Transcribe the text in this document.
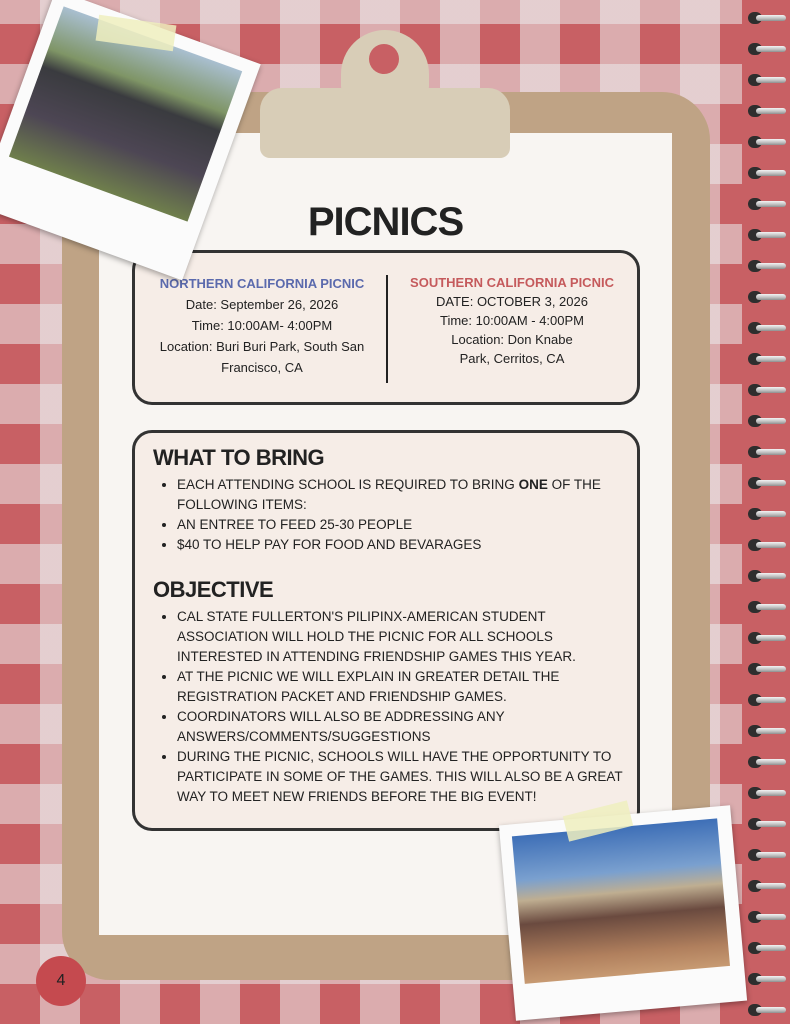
PICNICS
NORTHERN CALIFORNIA PICNIC
Date: September 26, 2026
Time: 10:00AM- 4:00PM
Location: Buri Buri Park, South San Francisco, CA
SOUTHERN CALIFORNIA PICNIC
DATE: OCTOBER 3, 2026
Time: 10:00AM - 4:00PM
Location: Don Knabe
Park, Cerritos, CA
WHAT TO BRING
• EACH ATTENDING SCHOOL IS REQUIRED TO BRING ONE OF THE FOLLOWING ITEMS:
• AN ENTREE TO FEED 25-30 PEOPLE
• $40 TO HELP PAY FOR FOOD AND BEVARAGES
OBJECTIVE
• CAL STATE FULLERTON'S PILIPINX-AMERICAN STUDENT ASSOCIATION WILL HOLD THE PICNIC FOR ALL SCHOOLS INTERESTED IN ATTENDING FRIENDSHIP GAMES THIS YEAR.
• AT THE PICNIC WE WILL EXPLAIN IN GREATER DETAIL THE REGISTRATION PACKET AND FRIENDSHIP GAMES.
• COORDINATORS WILL ALSO BE ADDRESSING ANY ANSWERS/COMMENTS/SUGGESTIONS
• DURING THE PICNIC, SCHOOLS WILL HAVE THE OPPORTUNITY TO PARTICIPATE IN SOME OF THE GAMES. THIS WILL ALSO BE A GREAT WAY TO MEET NEW FRIENDS BEFORE THE BIG EVENT!
4
